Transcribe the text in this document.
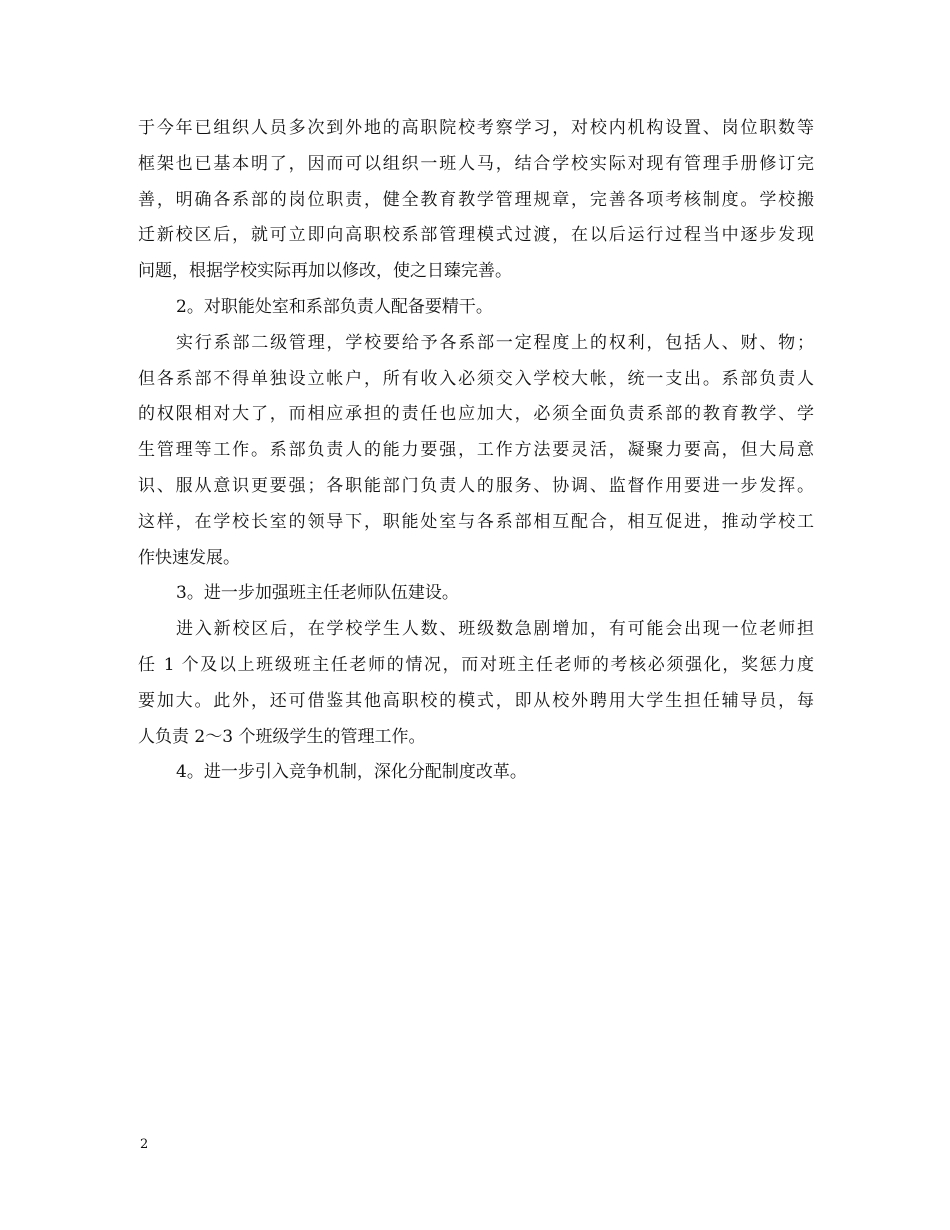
于今年已组织人员多次到外地的高职院校考察学习，对校内机构设置、岗位职数等
框架也已基本明了，因而可以组织一班人马，结合学校实际对现有管理手册修订完
善，明确各系部的岗位职责，健全教育教学管理规章，完善各项考核制度。学校搬
迁新校区后，就可立即向高职校系部管理模式过渡，在以后运行过程当中逐步发现
问题，根据学校实际再加以修改，使之日臻完善。
2。对职能处室和系部负责人配备要精干。
实行系部二级管理，学校要给予各系部一定程度上的权利，包括人、财、物；
但各系部不得单独设立帐户，所有收入必须交入学校大帐，统一支出。系部负责人
的权限相对大了，而相应承担的责任也应加大，必须全面负责系部的教育教学、学
生管理等工作。系部负责人的能力要强，工作方法要灵活，凝聚力要高，但大局意
识、服从意识更要强；各职能部门负责人的服务、协调、监督作用要进一步发挥。
这样，在学校长室的领导下，职能处室与各系部相互配合，相互促进，推动学校工
作快速发展。
3。进一步加强班主任老师队伍建设。
进入新校区后，在学校学生人数、班级数急剧增加，有可能会出现一位老师担
任 1 个及以上班级班主任老师的情况，而对班主任老师的考核必须强化，奖惩力度
要加大。此外，还可借鉴其他高职校的模式，即从校外聘用大学生担任辅导员，每
人负责 2～3 个班级学生的管理工作。
4。进一步引入竞争机制，深化分配制度改革。
2
